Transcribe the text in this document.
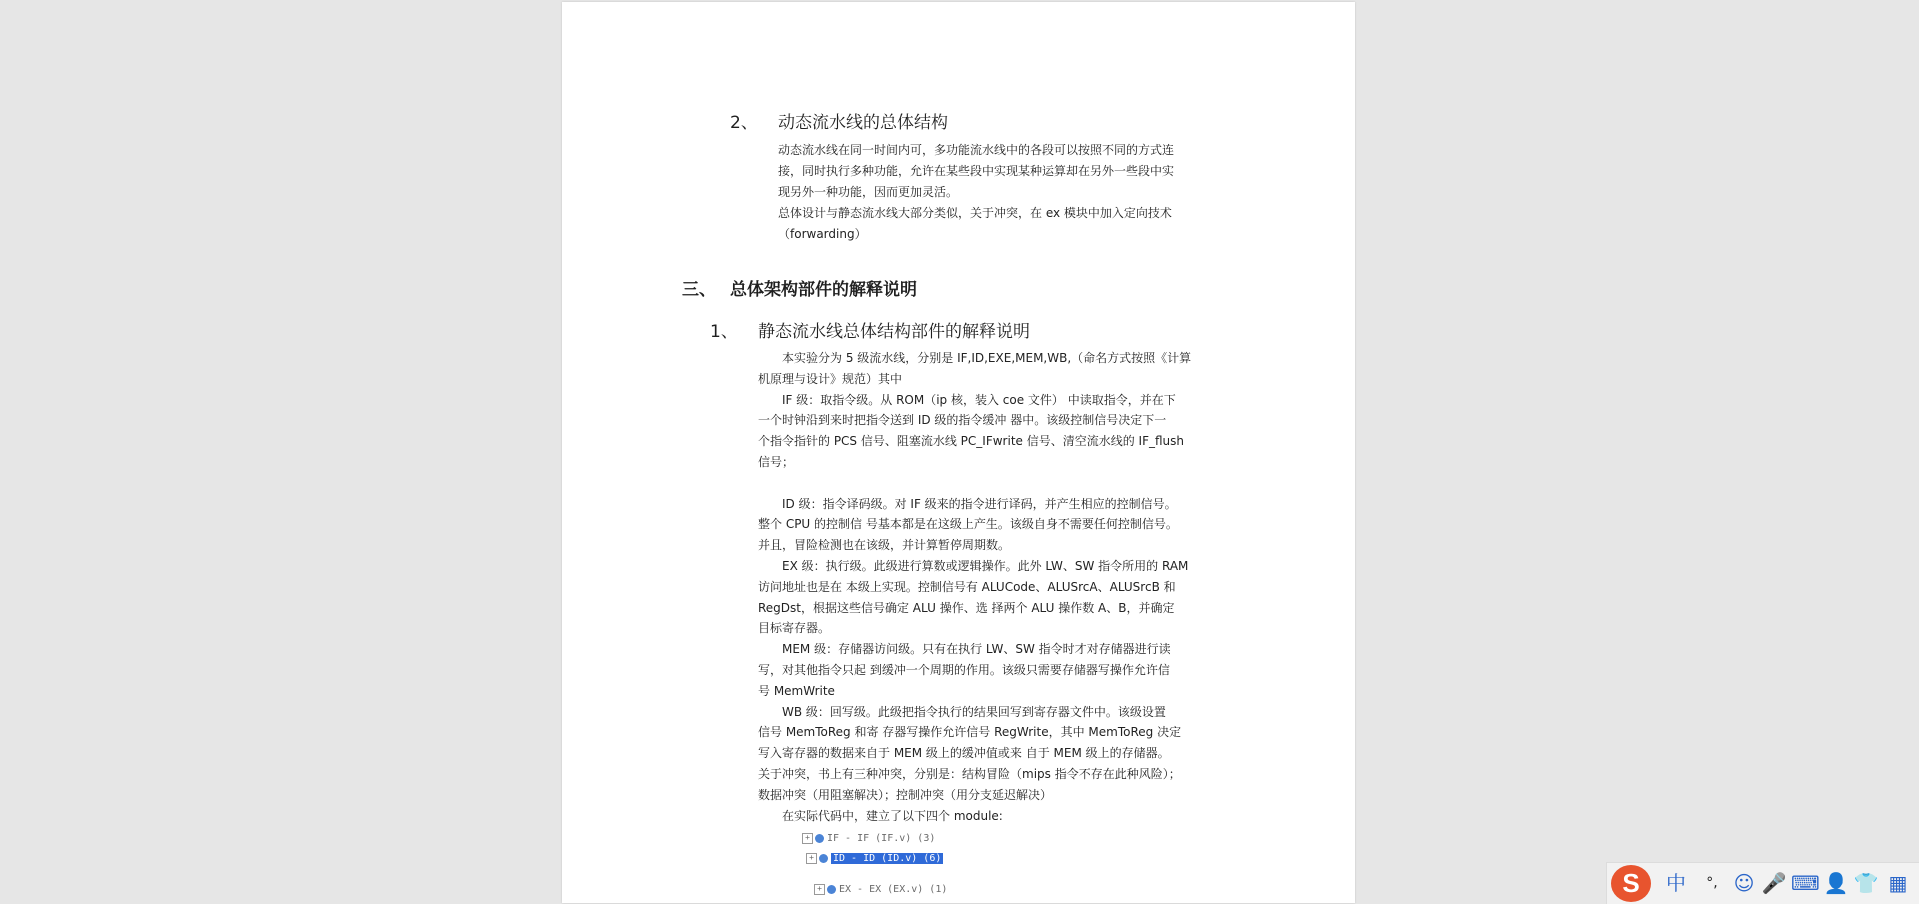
2、 动态流水线的总体结构
动态流水线在同一时间内可，多功能流水线中的各段可以按照不同的方式连
接，同时执行多种功能，允许在某些段中实现某种运算却在另外一些段中实
现另外一种功能，因而更加灵活。
总体设计与静态流水线大部分类似，关于冲突，在 ex 模块中加入定向技术
（forwarding）
三、 总体架构部件的解释说明
1、 静态流水线总体结构部件的解释说明
　　本实验分为 5 级流水线，分别是 IF,ID,EXE,MEM,WB,（命名方式按照《计算
机原理与设计》规范）其中
　　IF 级：取指令级。从 ROM（ip 核，装入 coe 文件） 中读取指令，并在下
一个时钟沿到来时把指令送到 ID 级的指令缓冲 器中。该级控制信号决定下一
个指令指针的 PCS 信号、阻塞流水线 PC_IFwrite 信号、清空流水线的 IF_flush
信号；
　　ID 级：指令译码级。对 IF 级来的指令进行译码，并产生相应的控制信号。
整个 CPU 的控制信 号基本都是在这级上产生。该级自身不需要任何控制信号。
并且，冒险检测也在该级，并计算暂停周期数。
　　EX 级：执行级。此级进行算数或逻辑操作。此外 LW、SW 指令所用的 RAM
访问地址也是在 本级上实现。控制信号有 ALUCode、ALUSrcA、ALUSrcB 和
RegDst，根据这些信号确定 ALU 操作、选 择两个 ALU 操作数 A、B，并确定
目标寄存器。
　　MEM 级：存储器访问级。只有在执行 LW、SW 指令时才对存储器进行读
写，对其他指令只起 到缓冲一个周期的作用。该级只需要存储器写操作允许信
号 MemWrite
　　WB 级：回写级。此级把指令执行的结果回写到寄存器文件中。该级设置
信号 MemToReg 和寄 存器写操作允许信号 RegWrite，其中 MemToReg 决定
写入寄存器的数据来自于 MEM 级上的缓冲值或来 自于 MEM 级上的存储器。
关于冲突，书上有三种冲突，分别是：结构冒险（mips 指令不存在此种风险）；
数据冲突（用阻塞解决）；控制冲突（用分支延迟解决）
　　在实际代码中，建立了以下四个 module:
+ IF - IF (IF.v) (3)
+ ID - ID (ID.v) (6)
+ EX - EX (EX.v) (1)	S	中	°, ☺ 🎤 ⌨ 👤 👕 ▦
